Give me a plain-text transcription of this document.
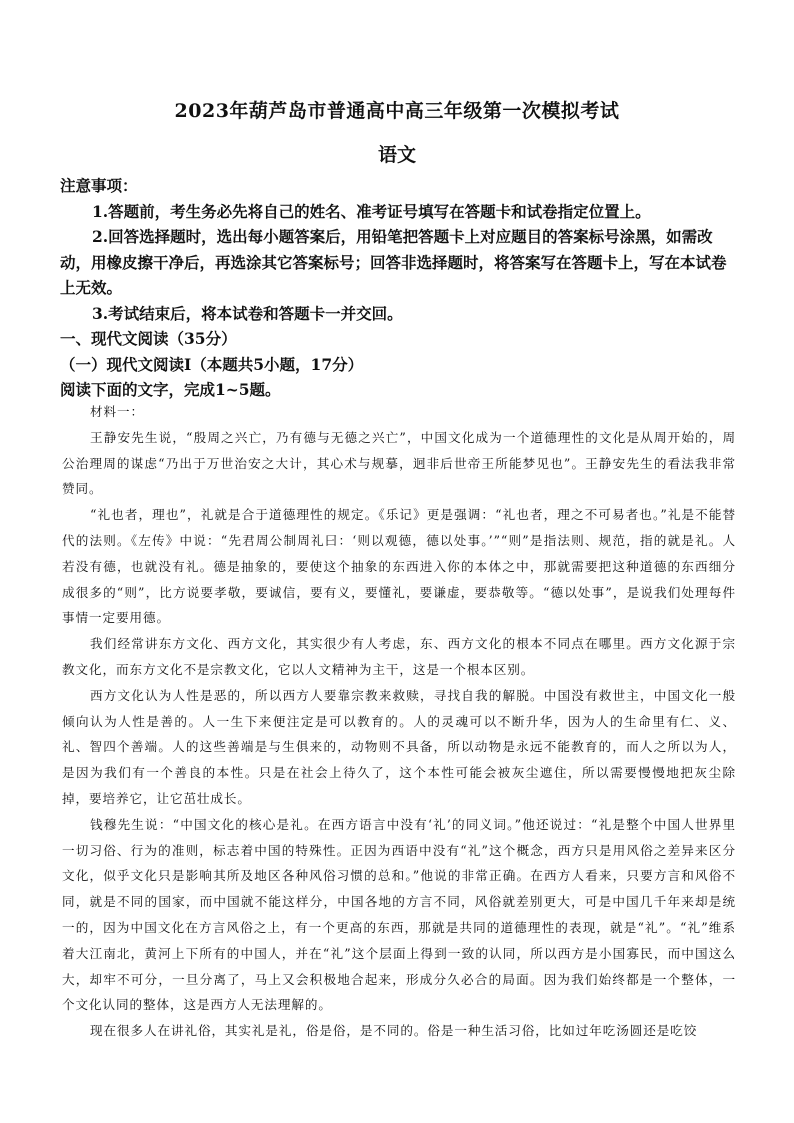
2023年葫芦岛市普通高中高三年级第一次模拟考试
语文

注意事项：

1.答题前，考生务必先将自己的姓名、准考证号填写在答题卡和试卷指定位置上。

2.回答选择题时，选出每小题答案后，用铅笔把答题卡上对应题目的答案标号涂黑，如需改动，用橡皮擦干净后，再选涂其它答案标号；回答非选择题时，将答案写在答题卡上，写在本试卷上无效。

3.考试结束后，将本试卷和答题卡一并交回。

一、现代文阅读（35分）

（一）现代文阅读Ⅰ（本题共5小题，17分）

阅读下面的文字，完成1~5题。

材料一：

王静安先生说，“殷周之兴亡，乃有德与无德之兴亡”，中国文化成为一个道德理性的文化是从周开始的，周公治理周的谋虑“乃出于万世治安之大计，其心术与规摹，迥非后世帝王所能梦见也”。王静安先生的看法我非常赞同。

“礼也者，理也”，礼就是合于道德理性的规定。《乐记》更是强调：“礼也者，理之不可易者也。”礼是不能替代的法则。《左传》中说：“先君周公制周礼曰：‘则以观德，德以处事。’”“则”是指法则、规范，指的就是礼。人若没有德，也就没有礼。德是抽象的，要使这个抽象的东西进入你的本体之中，那就需要把这种道德的东西细分成很多的“则”，比方说要孝敬，要诚信，要有义，要懂礼，要谦虚，要恭敬等。“德以处事”，是说我们处理每件事情一定要用德。

我们经常讲东方文化、西方文化，其实很少有人考虑，东、西方文化的根本不同点在哪里。西方文化源于宗教文化，而东方文化不是宗教文化，它以人文精神为主干，这是一个根本区别。

西方文化认为人性是恶的，所以西方人要靠宗教来救赎，寻找自我的解脱。中国没有救世主，中国文化一般倾向认为人性是善的。人一生下来便注定是可以教育的。人的灵魂可以不断升华，因为人的生命里有仁、义、礼、智四个善端。人的这些善端是与生俱来的，动物则不具备，所以动物是永远不能教育的，而人之所以为人，是因为我们有一个善良的本性。只是在社会上待久了，这个本性可能会被灰尘遮住，所以需要慢慢地把灰尘除掉，要培养它，让它茁壮成长。

钱穆先生说：“中国文化的核心是礼。在西方语言中没有‘礼’的同义词。”他还说过：“礼是整个中国人世界里一切习俗、行为的准则，标志着中国的特殊性。正因为西语中没有“礼”这个概念，西方只是用风俗之差异来区分文化，似乎文化只是影响其所及地区各种风俗习惯的总和。”他说的非常正确。在西方人看来，只要方言和风俗不同，就是不同的国家，而中国就不能这样分，中国各地的方言不同，风俗就差别更大，可是中国几千年来却是统一的，因为中国文化在方言风俗之上，有一个更高的东西，那就是共同的道德理性的表现，就是“礼”。“礼”维系着大江南北，黄河上下所有的中国人，并在“礼”这个层面上得到一致的认同，所以西方是小国寡民，而中国这么大，却牢不可分，一旦分离了，马上又会积极地合起来，形成分久必合的局面。因为我们始终都是一个整体，一个文化认同的整体，这是西方人无法理解的。

现在很多人在讲礼俗，其实礼是礼，俗是俗，是不同的。俗是一种生活习俗，比如过年吃汤圆还是吃饺
